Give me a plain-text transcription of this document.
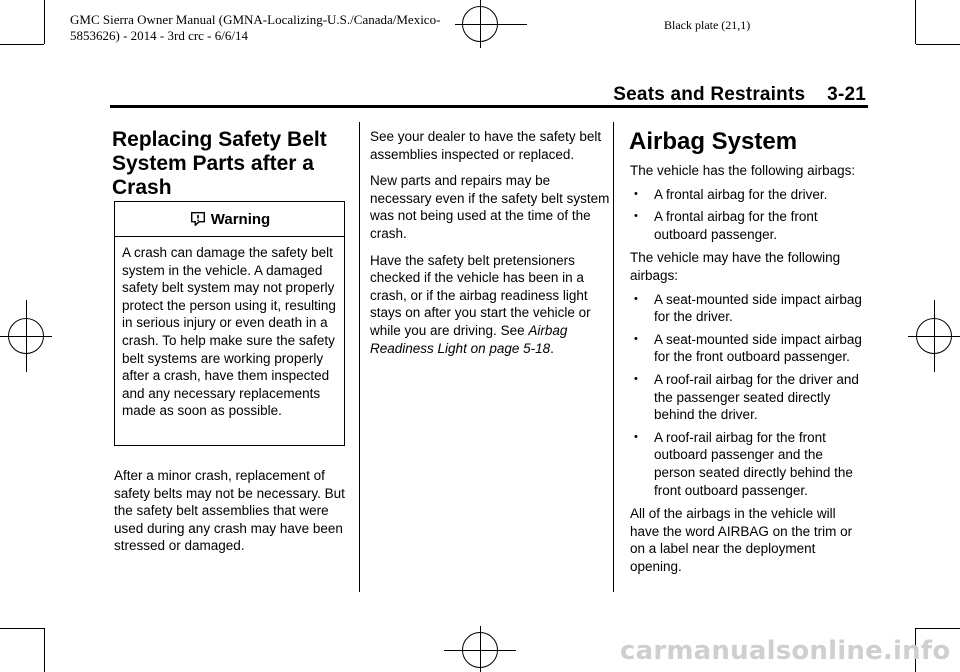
GMC Sierra Owner Manual (GMNA-Localizing-U.S./Canada/Mexico-
5853626) - 2014 - 3rd crc - 6/6/14
Black plate (21,1)
Seats and Restraints    3-21
Replacing Safety Belt System Parts after a Crash
Warning
A crash can damage the safety belt system in the vehicle. A damaged safety belt system may not properly protect the person using it, resulting in serious injury or even death in a crash. To help make sure the safety belt systems are working properly after a crash, have them inspected and any necessary replacements made as soon as possible.
After a minor crash, replacement of safety belts may not be necessary. But the safety belt assemblies that were used during any crash may have been stressed or damaged.

See your dealer to have the safety belt assemblies inspected or replaced.

New parts and repairs may be necessary even if the safety belt system was not being used at the time of the crash.

Have the safety belt pretensioners checked if the vehicle has been in a crash, or if the airbag readiness light stays on after you start the vehicle or while you are driving. See Airbag Readiness Light on page 5-18.

Airbag System

The vehicle has the following airbags:

• A frontal airbag for the driver.
• A frontal airbag for the front outboard passenger.

The vehicle may have the following airbags:

• A seat-mounted side impact airbag for the driver.
• A seat-mounted side impact airbag for the front outboard passenger.
• A roof-rail airbag for the driver and the passenger seated directly behind the driver.
• A roof-rail airbag for the front outboard passenger and the person seated directly behind the front outboard passenger.

All of the airbags in the vehicle will have the word AIRBAG on the trim or on a label near the deployment opening.

carmanualsonline.info
